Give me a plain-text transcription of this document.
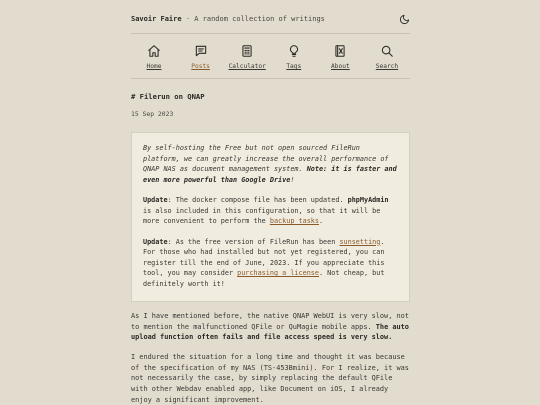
Savoir Faire · A random collection of writings
Home	Posts	Calculator	Tags	About	Search
# Filerun on QNAP
15 Sep 2023

By self-hosting the Free but not open sourced FileRun platform, we can greatly increase the overall performance of QNAP NAS as document management system. Note: it is faster and even more powerful than Google Drive!

Update: The docker compose file has been updated. phpMyAdmin is also included in this configuration, so that it will be more convenient to perform the backup tasks.

Update: As the free version of FileRun has been sunsetting. For those who had installed but not yet registered, you can register till the end of June, 2023. If you appreciate this tool, you may consider purchasing a license. Not cheap, but definitely worth it!

As I have mentioned before, the native QNAP WebUI is very slow, not to mention the malfunctioned QFile or QuMagie mobile apps. The auto upload function often fails and file access speed is very slow.

I endured the situation for a long time and thought it was because of the specification of my NAS (TS-453Bmini). For I realize, it was not necessarily the case, by simply replacing the default QFile with other Webdav enabled app, like Document on iOS, I already enjoy a significant improvement.
